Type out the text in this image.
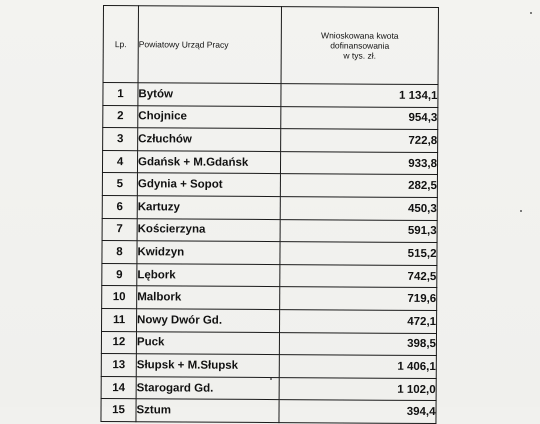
Lp.	Powiatowy Urząd Pracy	Wnioskowana kwota
dofinansowania
w tys. zł.
1	Bytów	1 134,1
2	Chojnice	954,3
3	Człuchów	722,8
4	Gdańsk + M.Gdańsk	933,8
5	Gdynia + Sopot	282,5
6	Kartuzy	450,3
7	Kościerzyna	591,3
8	Kwidzyn	515,2
9	Lębork	742,5
10	Malbork	719,6
11	Nowy Dwór Gd.	472,1
12	Puck	398,5
13	Słupsk + M.Słupsk	1 406,1
14	Starogard Gd.	1 102,0
15	Sztum	394,4
